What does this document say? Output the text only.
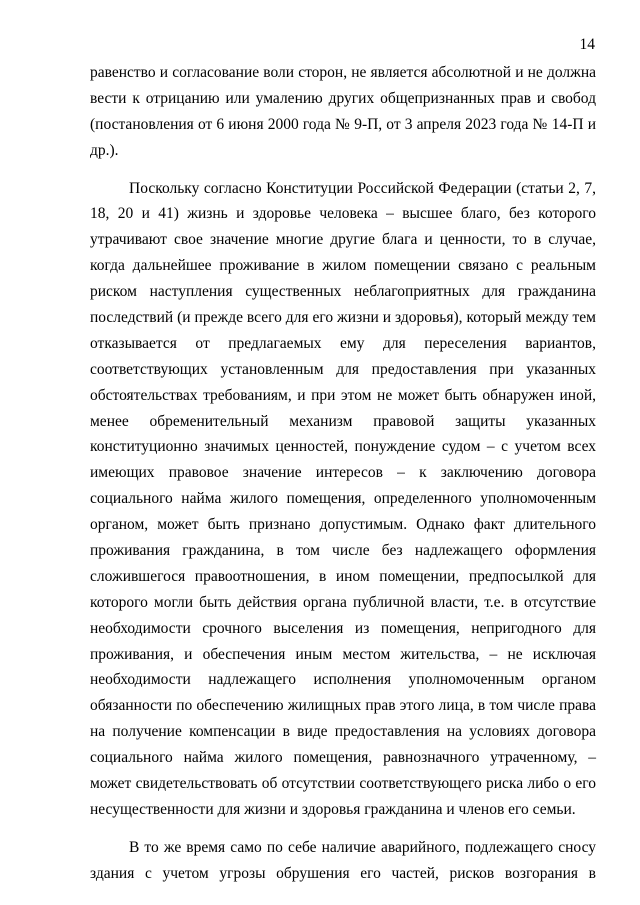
14
равенство и согласование воли сторон, не является абсолютной и не должна
вести к отрицанию или умалению других общепризнанных прав и свобод
(постановления от 6 июня 2000 года № 9-П, от 3 апреля 2023 года № 14-П и
др.).
Поскольку согласно Конституции Российской Федерации (статьи 2, 7,
18, 20 и 41) жизнь и здоровье человека – высшее благо, без которого
утрачивают свое значение многие другие блага и ценности, то в случае,
когда дальнейшее проживание в жилом помещении связано с реальным
риском наступления существенных неблагоприятных для гражданина
последствий (и прежде всего для его жизни и здоровья), который между тем
отказывается от предлагаемых ему для переселения вариантов,
соответствующих установленным для предоставления при указанных
обстоятельствах требованиям, и при этом не может быть обнаружен иной,
менее обременительный механизм правовой защиты указанных
конституционно значимых ценностей, понуждение судом – с учетом всех
имеющих правовое значение интересов – к заключению договора
социального найма жилого помещения, определенного уполномоченным
органом, может быть признано допустимым. Однако факт длительного
проживания гражданина, в том числе без надлежащего оформления
сложившегося правоотношения, в ином помещении, предпосылкой для
которого могли быть действия органа публичной власти, т.е. в отсутствие
необходимости срочного выселения из помещения, непригодного для
проживания, и обеспечения иным местом жительства, – не исключая
необходимости надлежащего исполнения уполномоченным органом
обязанности по обеспечению жилищных прав этого лица, в том числе права
на получение компенсации в виде предоставления на условиях договора
социального найма жилого помещения, равнозначного утраченному, –
может свидетельствовать об отсутствии соответствующего риска либо о его
несущественности для жизни и здоровья гражданина и членов его семьи.
В то же время само по себе наличие аварийного, подлежащего сносу
здания с учетом угрозы обрушения его частей, рисков возгорания в
